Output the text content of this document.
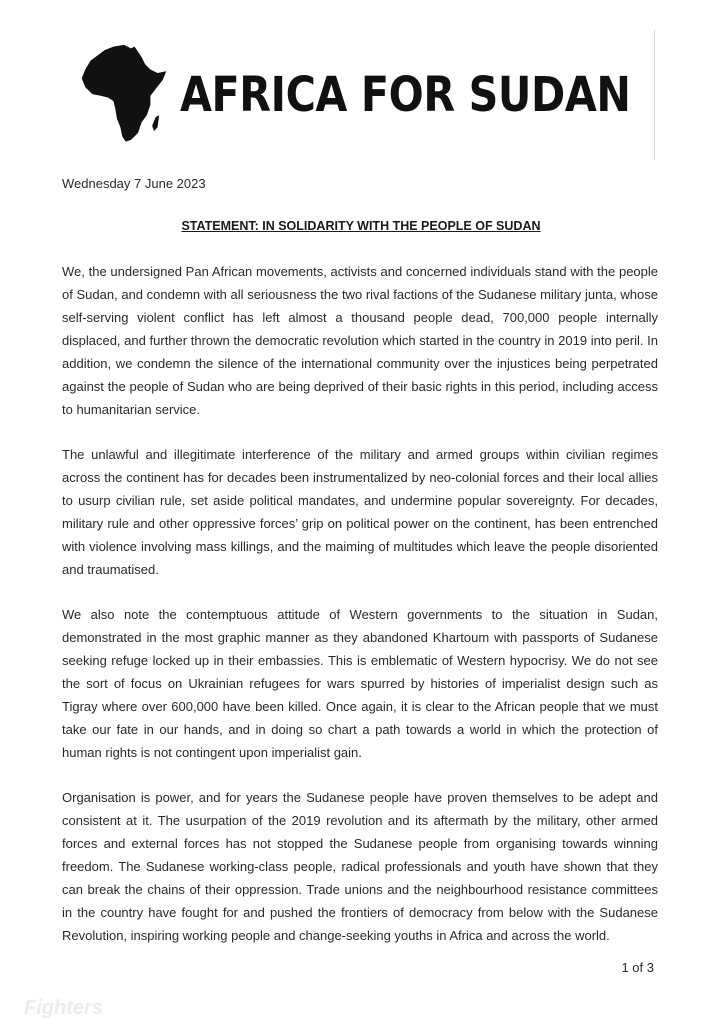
AFRICA FOR SUDAN
Wednesday 7 June 2023
STATEMENT: IN SOLIDARITY WITH THE PEOPLE OF SUDAN

We, the undersigned Pan African movements, activists and concerned individuals stand with the people of Sudan, and condemn with all seriousness the two rival factions of the Sudanese military junta, whose self-serving violent conflict has left almost a thousand people dead, 700,000 people internally displaced, and further thrown the democratic revolution which started in the country in 2019 into peril. In addition, we condemn the silence of the international community over the injustices being perpetrated against the people of Sudan who are being deprived of their basic rights in this period, including access to humanitarian service.

The unlawful and illegitimate interference of the military and armed groups within civilian regimes across the continent has for decades been instrumentalized by neo-colonial forces and their local allies to usurp civilian rule, set aside political mandates, and undermine popular sovereignty. For decades, military rule and other oppressive forces’ grip on political power on the continent, has been entrenched with violence involving mass killings, and the maiming of multitudes which leave the people disoriented and traumatised.

We also note the contemptuous attitude of Western governments to the situation in Sudan, demonstrated in the most graphic manner as they abandoned Khartoum with passports of Sudanese seeking refuge locked up in their embassies. This is emblematic of Western hypocrisy. We do not see the sort of focus on Ukrainian refugees for wars spurred by histories of imperialist design such as Tigray where over 600,000 have been killed. Once again, it is clear to the African people that we must take our fate in our hands, and in doing so chart a path towards a world in which the protection of human rights is not contingent upon imperialist gain.

Organisation is power, and for years the Sudanese people have proven themselves to be adept and consistent at it. The usurpation of the 2019 revolution and its aftermath by the military, other armed forces and external forces has not stopped the Sudanese people from organising towards winning freedom. The Sudanese working-class people, radical professionals and youth have shown that they can break the chains of their oppression. Trade unions and the neighbourhood resistance committees in the country have fought for and pushed the frontiers of democracy from below with the Sudanese Revolution, inspiring working people and change-seeking youths in Africa and across the world.

1 of 3
Fighters
